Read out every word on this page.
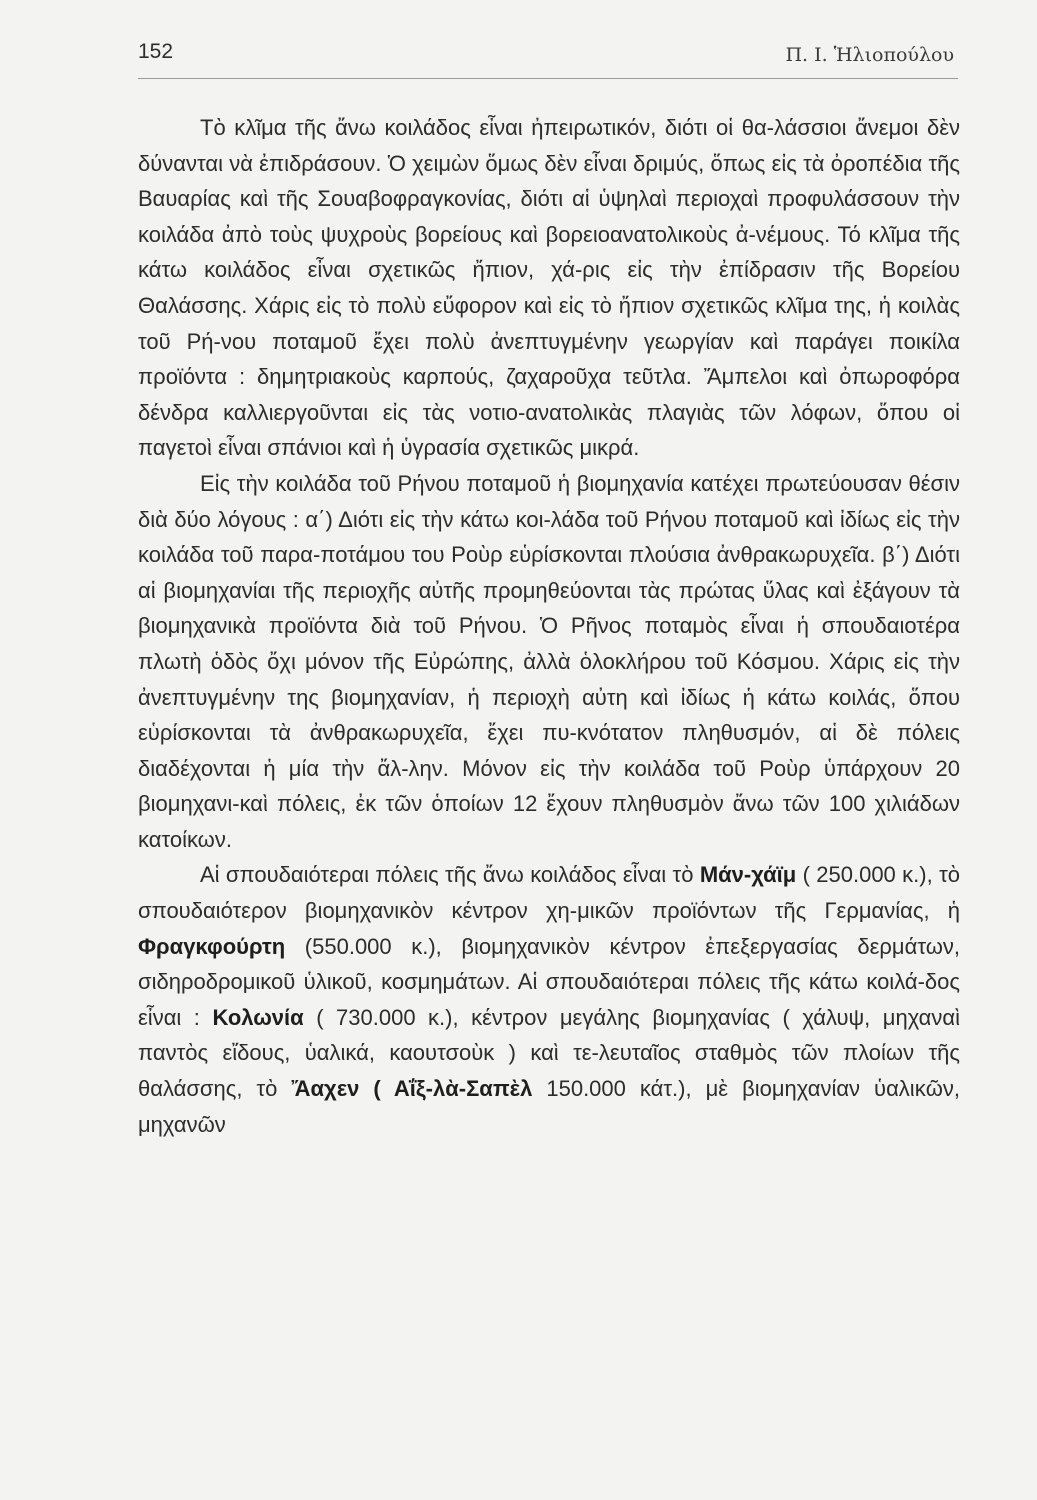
152	Π. Ι. Ἡλιοπούλου

Τὸ κλῖμα τῆς ἄνω κοιλάδος εἶναι ἠπειρωτικόν, διότι οἱ θα-λάσσιοι ἄνεμοι δὲν δύνανται νὰ ἐπιδράσουν. Ὁ χειμὼν ὅμως δὲν εἶναι δριμύς, ὅπως εἰς τὰ ὀροπέδια τῆς Βαυαρίας καὶ τῆς Σουαβοφραγκονίας, διότι αἱ ὑψηλαὶ περιοχαὶ προφυλάσσουν τὴν κοιλάδα ἀπὸ τοὺς ψυχροὺς βορείους καὶ βορειοανατολικοὺς ἀ-νέμους. Τό κλῖμα τῆς κάτω κοιλάδος εἶναι σχετικῶς ἤπιον, χά-ρις εἰς τὴν ἐπίδρασιν τῆς Βορείου Θαλάσσης. Χάρις εἰς τὸ πολὺ εὔφορον καὶ εἰς τὸ ἤπιον σχετικῶς κλῖμα της, ἡ κοιλὰς τοῦ Ρή-νου ποταμοῦ ἔχει πολὺ ἀνεπτυγμένην γεωργίαν καὶ παράγει ποικίλα προϊόντα : δημητριακοὺς καρπούς, ζαχαροῦχα τεῦτλα. Ἄμπελοι καὶ ὀπωροφόρα δένδρα καλλιεργοῦνται εἰς τὰς νοτιο-ανατολικὰς πλαγιὰς τῶν λόφων, ὅπου οἱ παγετοὶ εἶναι σπάνιοι καὶ ἡ ὑγρασία σχετικῶς μικρά.

Εἰς τὴν κοιλάδα τοῦ Ρήνου ποταμοῦ ἡ βιομηχανία κατέχει πρωτεύουσαν θέσιν διὰ δύο λόγους : α΄) Διότι εἰς τὴν κάτω κοι-λάδα τοῦ Ρήνου ποταμοῦ καὶ ἰδίως εἰς τὴν κοιλάδα τοῦ παρα-ποτάμου του Ροὺρ εὑρίσκονται πλούσια ἀνθρακωρυχεῖα. β΄) Διότι αἱ βιομηχανίαι τῆς περιοχῆς αὐτῆς προμηθεύονται τὰς πρώτας ὕλας καὶ ἐξάγουν τὰ βιομηχανικὰ προϊόντα διὰ τοῦ Ρήνου. Ὁ Ρῆνος ποταμὸς εἶναι ἡ σπουδαιοτέρα πλωτὴ ὁδὸς ὄχι μόνον τῆς Εὐρώπης, ἀλλὰ ὁλοκλήρου τοῦ Κόσμου. Χάρις εἰς τὴν ἀνεπτυγμένην της βιομηχανίαν, ἡ περιοχὴ αὐτη καὶ ἰδίως ἡ κάτω κοιλάς, ὅπου εὑρίσκονται τὰ ἀνθρακωρυχεῖα, ἔχει πυ-κνότατον πληθυσμόν, αἱ δὲ πόλεις διαδέχονται ἡ μία τὴν ἄλ-λην. Μόνον εἰς τὴν κοιλάδα τοῦ Ροὺρ ὑπάρχουν 20 βιομηχανι-καὶ πόλεις, ἐκ τῶν ὁποίων 12 ἔχουν πληθυσμὸν ἄνω τῶν 100 χιλιάδων κατοίκων.

Αἱ σπουδαιότεραι πόλεις τῆς ἄνω κοιλάδος εἶναι τὸ Μάν-χάϊμ ( 250.000 κ.), τὸ σπουδαιότερον βιομηχανικὸν κέντρον χη-μικῶν προϊόντων τῆς Γερμανίας, ἡ Φραγκφούρτη (550.000 κ.), βιομηχανικὸν κέντρον ἐπεξεργασίας δερμάτων, σιδηροδρομικοῦ ὑλικοῦ, κοσμημάτων. Αἱ σπουδαιότεραι πόλεις τῆς κάτω κοιλά-δος εἶναι : Κολωνία ( 730.000 κ.), κέντρον μεγάλης βιομηχανίας ( χάλυψ, μηχαναὶ παντὸς εἴδους, ὑαλικά, καουτσοὺκ ) καὶ τε-λευταῖος σταθμὸς τῶν πλοίων τῆς θαλάσσης, τὸ Ἄαχεν ( Αΐξ-λὰ-Σαπὲλ 150.000 κάτ.), μὲ βιομηχανίαν ὑαλικῶν, μηχανῶν
